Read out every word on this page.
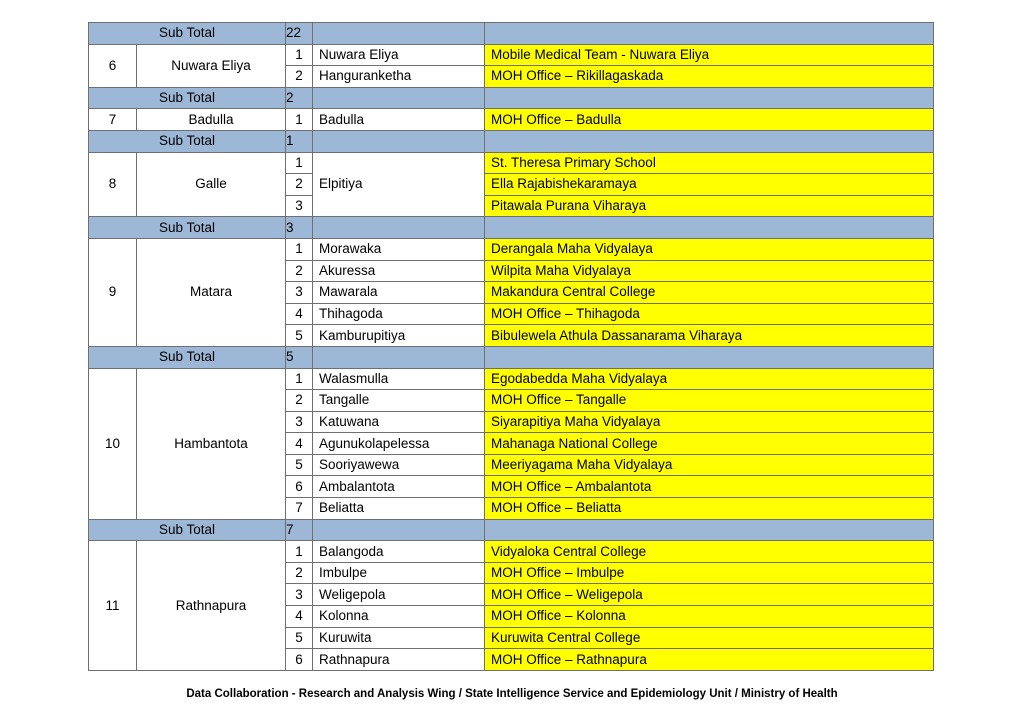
Sub Total		22		
6	Nuwara Eliya	1	Nuwara Eliya	Mobile Medical Team - Nuwara Eliya
		2	Hanguranketha	MOH Office – Rikillagaskada
Sub Total		2		
7	Badulla	1	Badulla	MOH Office – Badulla
Sub Total		1		
8	Galle	1	Elpitiya	St. Theresa Primary School
		2		Ella Rajabishekaramaya
		3		Pitawala Purana Viharaya
Sub Total		3		
9	Matara	1	Morawaka	Derangala Maha Vidyalaya
		2	Akuressa	Wilpita Maha Vidyalaya
		3	Mawarala	Makandura Central College
		4	Thihagoda	MOH Office – Thihagoda
		5	Kamburupitiya	Bibulewela Athula Dassanarama Viharaya
Sub Total		5		
10	Hambantota	1	Walasmulla	Egodabedda Maha Vidyalaya
		2	Tangalle	MOH Office – Tangalle
		3	Katuwana	Siyarapitiya Maha Vidyalaya
		4	Agunukolapelessa	Mahanaga National College
		5	Sooriyawewa	Meeriyagama Maha Vidyalaya
		6	Ambalantota	MOH Office – Ambalantota
		7	Beliatta	MOH Office – Beliatta
Sub Total		7		
11	Rathnapura	1	Balangoda	Vidyaloka Central College
		2	Imbulpe	MOH Office – Imbulpe
		3	Weligepola	MOH Office – Weligepola
		4	Kolonna	MOH Office – Kolonna
		5	Kuruwita	Kuruwita Central College
		6	Rathnapura	MOH Office – Rathnapura
Data Collaboration - Research and Analysis Wing / State Intelligence Service and Epidemiology Unit / Ministry of Health
